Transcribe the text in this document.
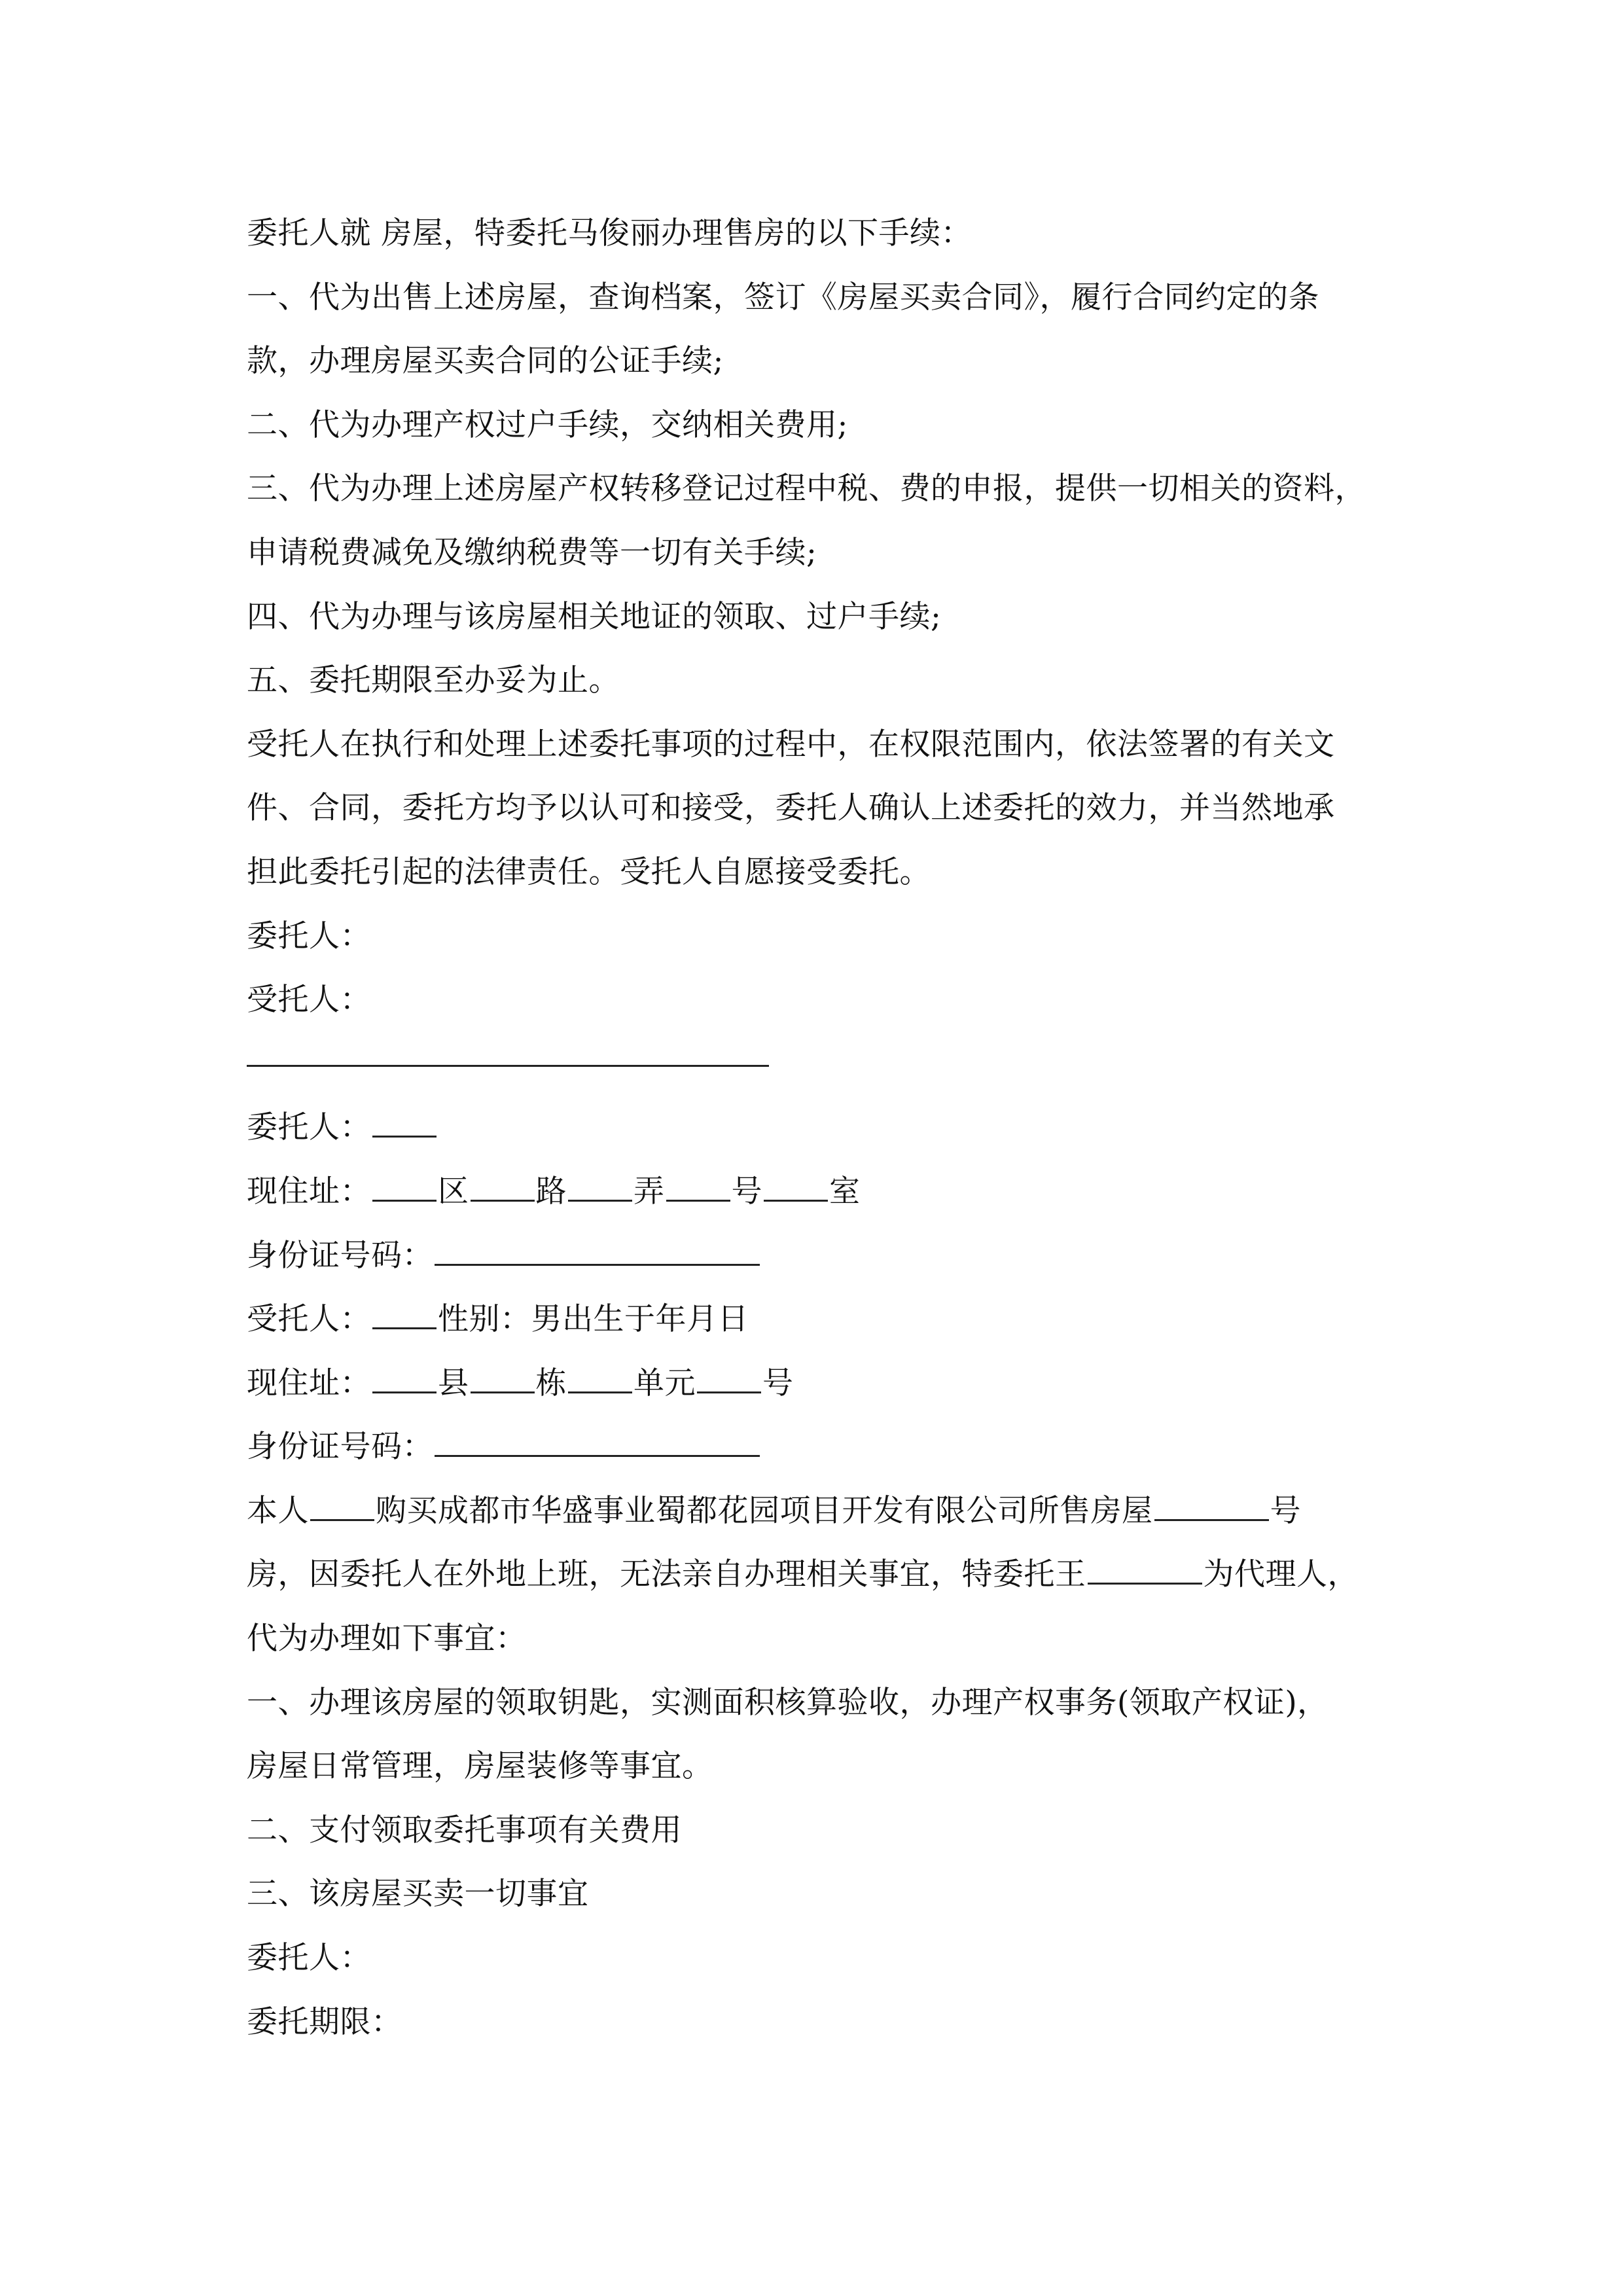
委托人就 房屋，特委托马俊丽办理售房的以下手续：
一、代为出售上述房屋，查询档案，签订《房屋买卖合同》，履行合同约定的条
款，办理房屋买卖合同的公证手续;
二、代为办理产权过户手续，交纳相关费用;
三、代为办理上述房屋产权转移登记过程中税、费的申报，提供一切相关的资料，
申请税费减免及缴纳税费等一切有关手续;
四、代为办理与该房屋相关地证的领取、过户手续;
五、委托期限至办妥为止。
受托人在执行和处理上述委托事项的过程中，在权限范围内，依法签署的有关文
件、合同，委托方均予以认可和接受，委托人确认上述委托的效力，并当然地承
担此委托引起的法律责任。受托人自愿接受委托。
委托人：
受托人：
委托人：
现住址： 区 路 弄 号 室
身份证号码：
受托人： 性别：男出生于年月日
现住址： 县 栋 单元 号
身份证号码：
本人 购买成都市华盛事业蜀都花园项目开发有限公司所售房屋	号
房，因委托人在外地上班，无法亲自办理相关事宜，特委托王	为代理人，
代为办理如下事宜：
一、办理该房屋的领取钥匙，实测面积核算验收，办理产权事务(领取产权证)，
房屋日常管理，房屋装修等事宜。
二、支付领取委托事项有关费用
三、该房屋买卖一切事宜
委托人：
委托期限：
